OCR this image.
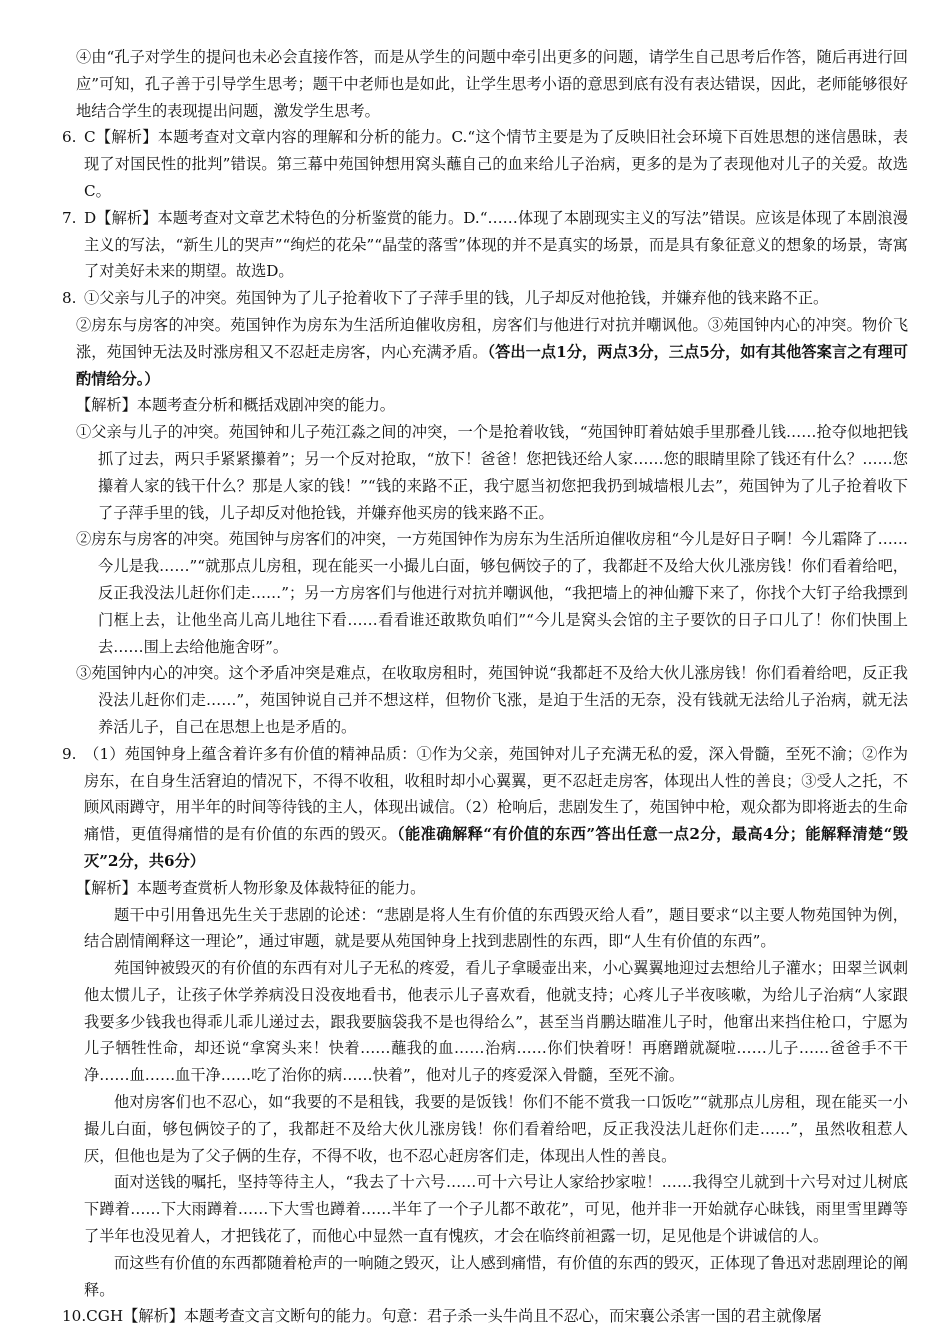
④由“孔子对学生的提问也未必会直接作答，而是从学生的问题中牵引出更多的问题，请学生自己思考后作答，随后再进行回应”可知，孔子善于引导学生思考；题干中老师也是如此，让学生思考小语的意思到底有没有表达错误，因此，老师能够很好地结合学生的表现提出问题，激发学生思考。

6. C【解析】本题考查对文章内容的理解和分析的能力。C.“这个情节主要是为了反映旧社会环境下百姓思想的迷信愚昧，表现了对国民性的批判”错误。第三幕中苑国钟想用窝头蘸自己的血来给儿子治病，更多的是为了表现他对儿子的关爱。故选C。

7. D【解析】本题考查对文章艺术特色的分析鉴赏的能力。D.“……体现了本剧现实主义的写法”错误。应该是体现了本剧浪漫主义的写法，“新生儿的哭声”“绚烂的花朵”“晶莹的落雪”体现的并不是真实的场景，而是具有象征意义的想象的场景，寄寓了对美好未来的期望。故选D。

8. ①父亲与儿子的冲突。苑国钟为了儿子抢着收下了子萍手里的钱，儿子却反对他抢钱，并嫌弃他的钱来路不正。

②房东与房客的冲突。苑国钟作为房东为生活所迫催收房租，房客们与他进行对抗并嘲讽他。③苑国钟内心的冲突。物价飞涨，苑国钟无法及时涨房租又不忍赶走房客，内心充满矛盾。（答出一点1分，两点3分，三点5分，如有其他答案言之有理可酌情给分。）

【解析】本题考查分析和概括戏剧冲突的能力。

①父亲与儿子的冲突。苑国钟和儿子苑江淼之间的冲突，一个是抢着收钱，“苑国钟盯着姑娘手里那叠儿钱……抢夺似地把钱抓了过去，两只手紧紧攥着”；另一个反对抢取，“放下！爸爸！您把钱还给人家……您的眼睛里除了钱还有什么？……您攥着人家的钱干什么？那是人家的钱！”“钱的来路不正，我宁愿当初您把我扔到城墙根儿去”，苑国钟为了儿子抢着收下了子萍手里的钱，儿子却反对他抢钱，并嫌弃他买房的钱来路不正。

②房东与房客的冲突。苑国钟与房客们的冲突，一方苑国钟作为房东为生活所迫催收房租“今儿是好日子啊！今儿霜降了……今儿是我……”“就那点儿房租，现在能买一小撮儿白面，够包俩饺子的了，我都赶不及给大伙儿涨房钱！你们看着给吧，反正我没法儿赶你们走……”；另一方房客们与他进行对抗并嘲讽他，“我把墙上的神仙瓣下来了，你找个大钉子给我摽到门框上去，让他坐高儿高儿地往下看……看看谁还敢欺负咱们”“今儿是窝头会馆的主子要饮的日子口儿了！你们快围上去……围上去给他施舍呀”。

③苑国钟内心的冲突。这个矛盾冲突是难点，在收取房租时，苑国钟说“我都赶不及给大伙儿涨房钱！你们看着给吧，反正我没法儿赶你们走……”，苑国钟说自己并不想这样，但物价飞涨，是迫于生活的无奈，没有钱就无法给儿子治病，就无法养活儿子，自己在思想上也是矛盾的。

9. （1）苑国钟身上蕴含着许多有价值的精神品质：①作为父亲，苑国钟对儿子充满无私的爱，深入骨髓，至死不渝；②作为房东，在自身生活窘迫的情况下，不得不收租，收租时却小心翼翼，更不忍赶走房客，体现出人性的善良；③受人之托，不顾风雨蹲守，用半年的时间等待钱的主人，体现出诚信。（2）枪响后，悲剧发生了，苑国钟中枪，观众都为即将逝去的生命痛惜，更值得痛惜的是有价值的东西的毁灭。（能准确解释“有价值的东西”答出任意一点2分，最高4分；能解释清楚“毁灭”2分，共6分）

【解析】本题考查赏析人物形象及体裁特征的能力。

题干中引用鲁迅先生关于悲剧的论述：“悲剧是将人生有价值的东西毁灭给人看”，题目要求“以主要人物苑国钟为例，结合剧情阐释这一理论”，通过审题，就是要从苑国钟身上找到悲剧性的东西，即“人生有价值的东西”。

苑国钟被毁灭的有价值的东西有对儿子无私的疼爱，看儿子拿暖壶出来，小心翼翼地迎过去想给儿子灌水；田翠兰讽刺他太惯儿子，让孩子休学养病没日没夜地看书，他表示儿子喜欢看，他就支持；心疼儿子半夜咳嗽，为给儿子治病“人家跟我要多少钱我也得乖儿乖儿递过去，跟我要脑袋我不是也得给么”，甚至当肖鹏达瞄准儿子时，他窜出来挡住枪口，宁愿为儿子牺牲性命，却还说“拿窝头来！快着……蘸我的血……治病……你们快着呀！再磨蹭就凝啦……儿子……爸爸手不干净……血……血干净……吃了治你的病……快着”，他对儿子的疼爱深入骨髓，至死不渝。

他对房客们也不忍心，如“我要的不是租钱，我要的是饭钱！你们不能不赏我一口饭吃”“就那点儿房租，现在能买一小撮儿白面，够包俩饺子的了，我都赶不及给大伙儿涨房钱！你们看着给吧，反正我没法儿赶你们走……”，虽然收租惹人厌，但他也是为了父子俩的生存，不得不收，也不忍心赶房客们走，体现出人性的善良。

面对送钱的嘱托，坚持等待主人，“我去了十六号……可十六号让人家给抄家啦！……我得空儿就到十六号对过儿树底下蹲着……下大雨蹲着……下大雪也蹲着……半年了一个子儿都不敢花”，可见，他并非一开始就存心昧钱，雨里雪里蹲等了半年也没见着人，才把钱花了，而他心中显然一直有愧疚，才会在临终前袒露一切，足见他是个讲诚信的人。

而这些有价值的东西都随着枪声的一响随之毁灭，让人感到痛惜，有价值的东西的毁灭，正体现了鲁迅对悲剧理论的阐释。

10.CGH【解析】本题考查文言文断句的能力。句意：君子杀一头牛尚且不忍心，而宋襄公杀害一国的君主就像屠
